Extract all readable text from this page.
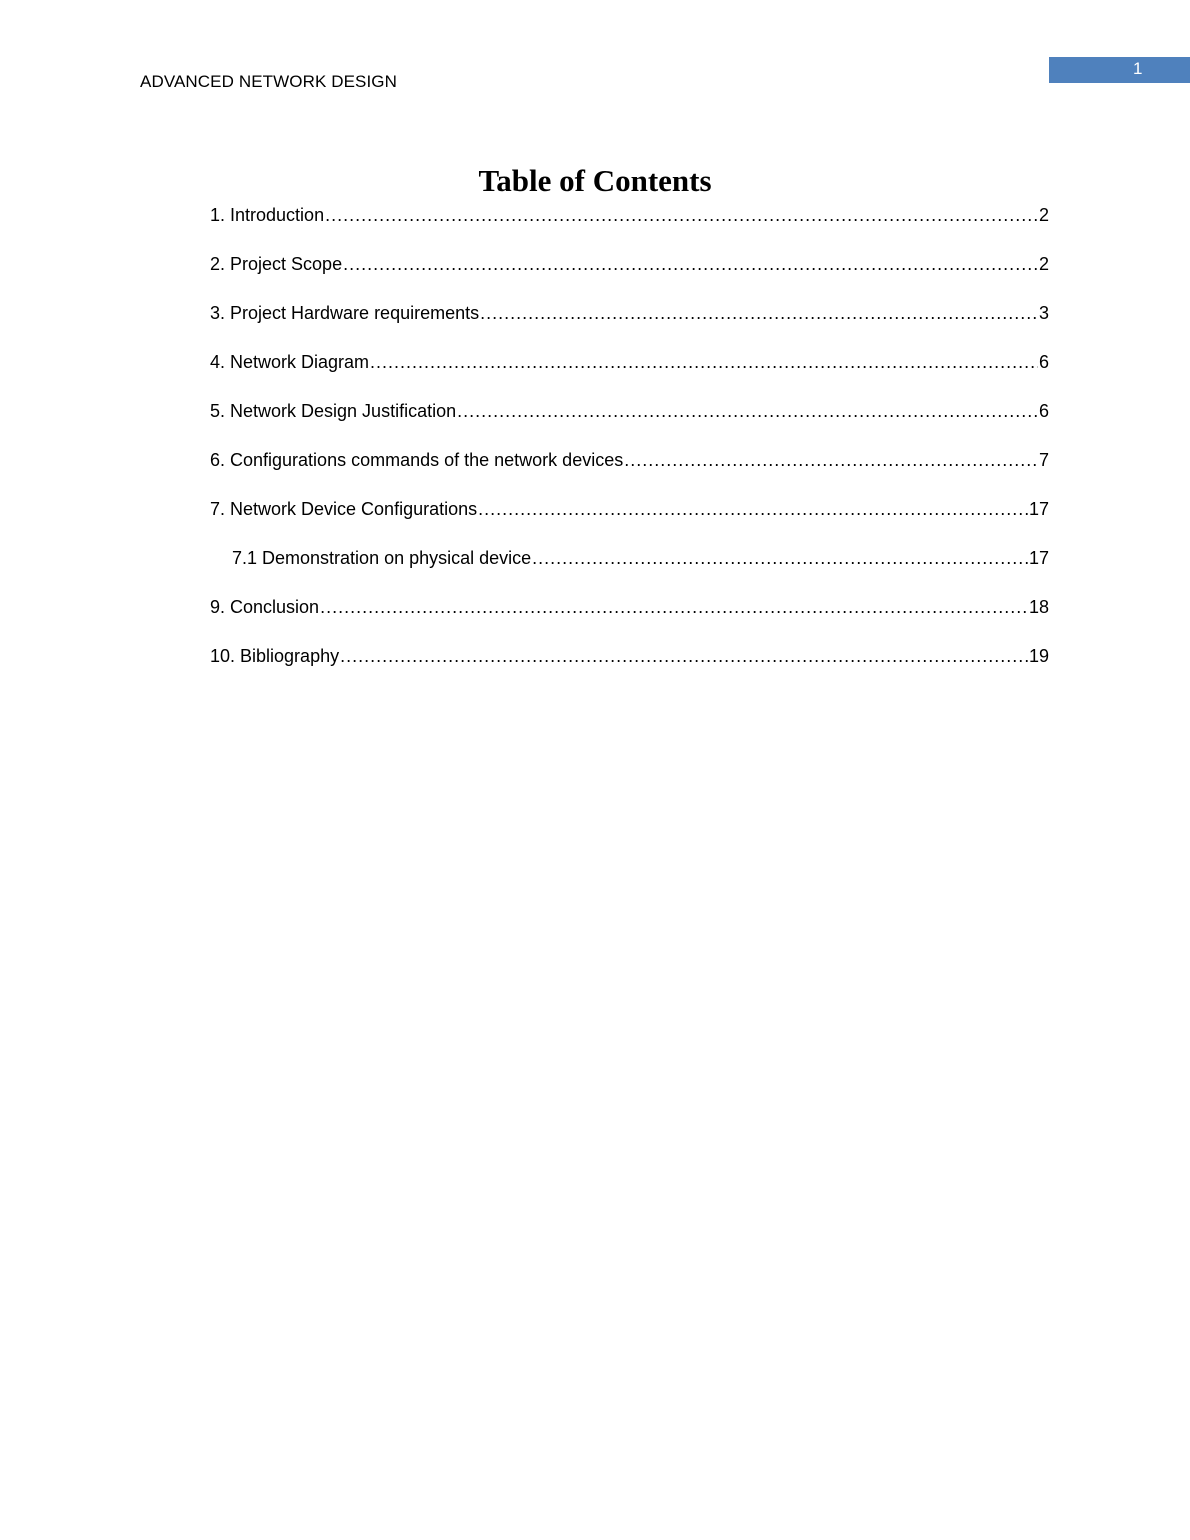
ADVANCED NETWORK DESIGN
1
Table of Contents
1. Introduction .....	2
2. Project Scope .....	2
3. Project Hardware requirements .....	3
4. Network Diagram .....	6
5. Network Design Justification .....	6
6. Configurations commands of the network devices .....	7
7. Network Device Configurations .....	17
7.1 Demonstration on physical device .....	17
9. Conclusion .....	18
10. Bibliography .....	19
